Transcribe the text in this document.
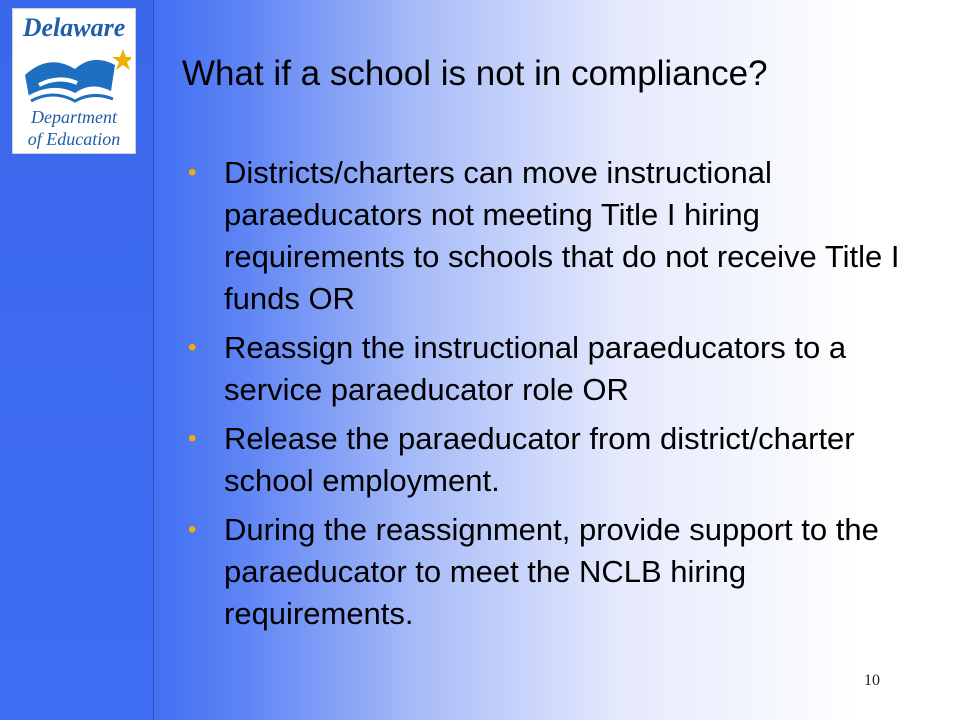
Delaware
Department
of Education
What if a school is not in compliance?
• Districts/charters can move instructional paraeducators not meeting Title I hiring requirements to schools that do not receive Title I funds OR
• Reassign the instructional paraeducators to a service paraeducator role OR
• Release the paraeducator from district/charter school employment.
• During the reassignment, provide support to the paraeducator to meet the NCLB hiring requirements.
10
